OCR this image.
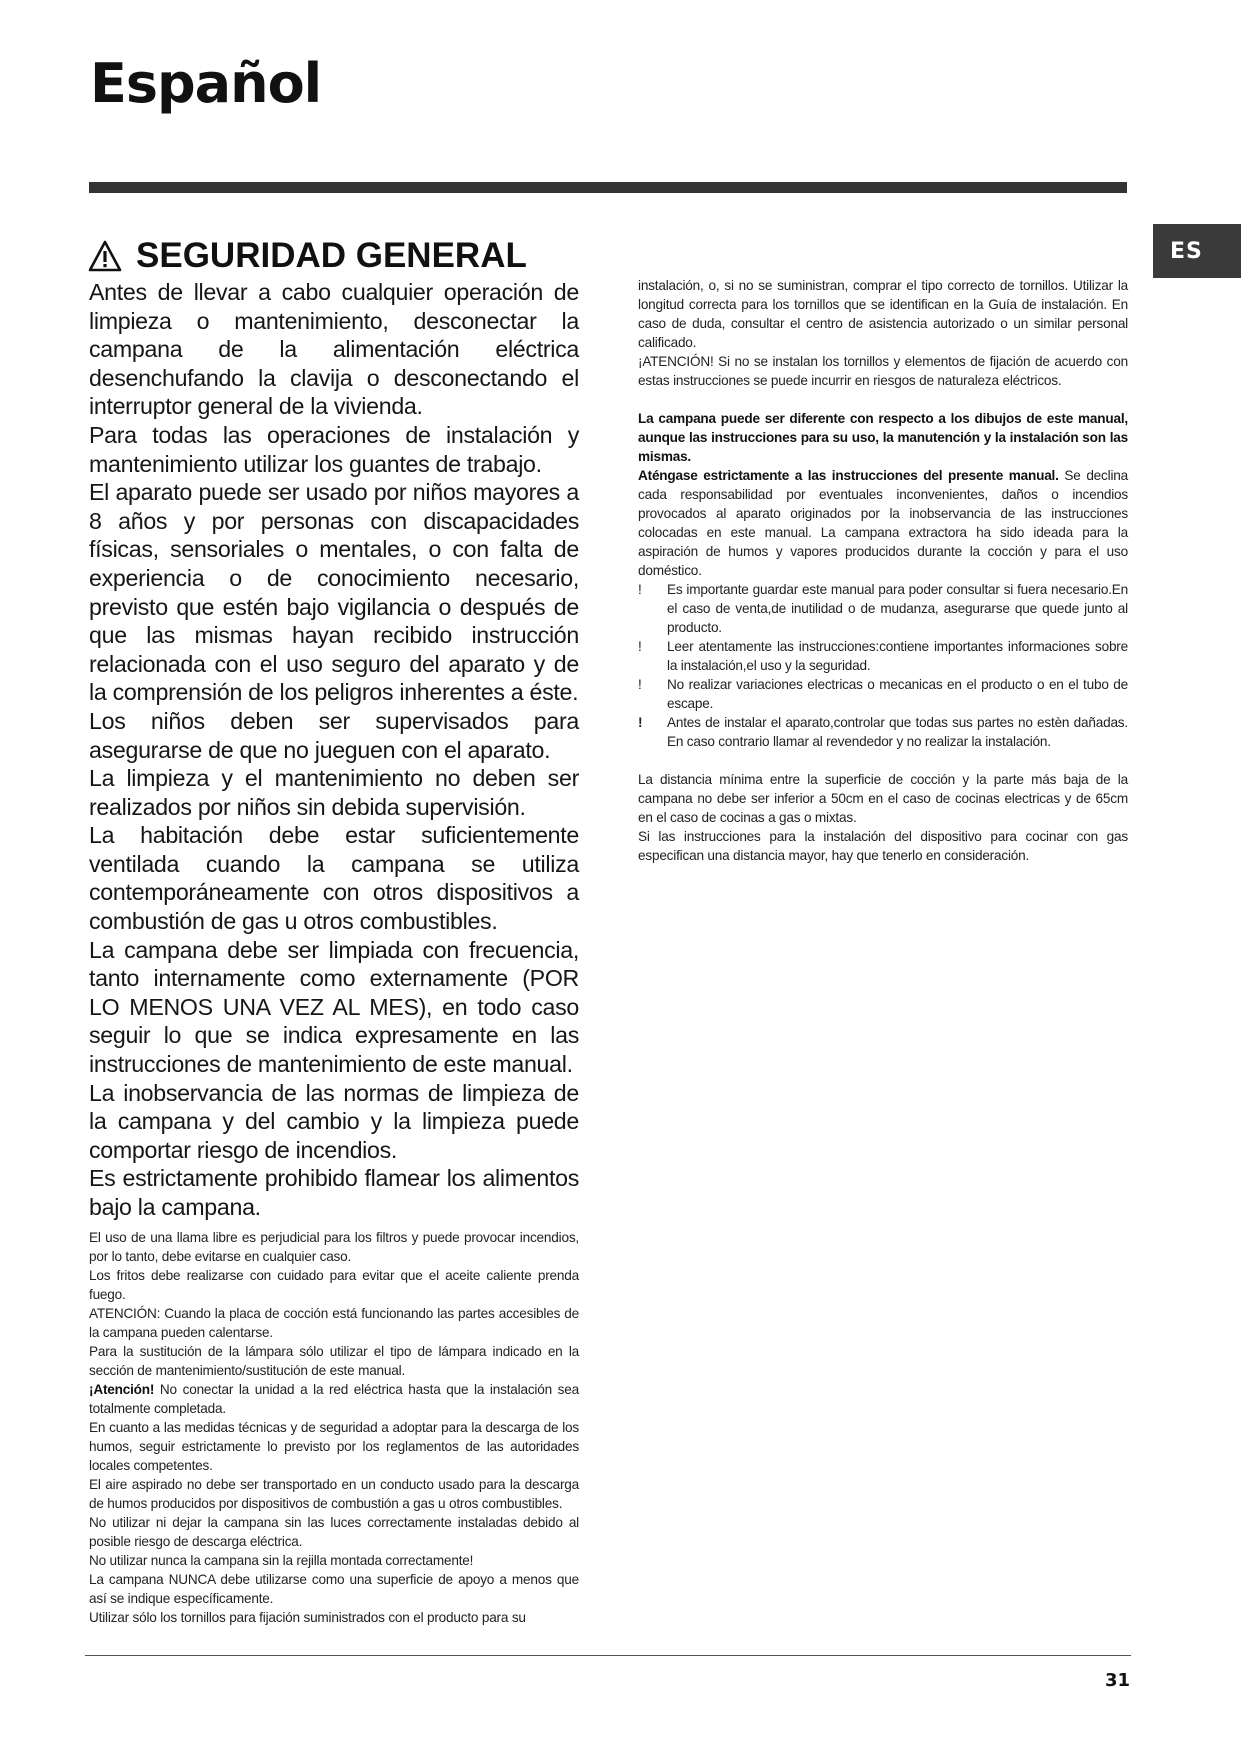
Español
ES
SEGURIDAD GENERAL

Antes de llevar a cabo cualquier operación de limpieza o mantenimiento, desconectar la campana de la alimentación eléctrica desenchufando la clavija o desconectando el interruptor general de la vivienda.

Para todas las operaciones de instalación y mantenimiento utilizar los guantes de trabajo.

El aparato puede ser usado por niños mayores a 8 años y por personas con discapacidades físicas, sensoriales o mentales, o con falta de experiencia o de conocimiento necesario, previsto que estén bajo vigilancia o después de que las mismas hayan recibido instrucción relacionada con el uso seguro del aparato y de la comprensión de los peligros inherentes a éste.

Los niños deben ser supervisados para asegurarse de que no jueguen con el aparato.

La limpieza y el mantenimiento no deben ser realizados por niños sin debida supervisión.

La habitación debe estar suficientemente ventilada cuando la campana se utiliza contemporáneamente con otros dispositivos a combustión de gas u otros combustibles.

La campana debe ser limpiada con frecuencia, tanto internamente como externamente (POR LO MENOS UNA VEZ AL MES), en todo caso seguir lo que se indica expresamente en las instrucciones de mantenimiento de este manual.

La inobservancia de las normas de limpieza de la campana y del cambio y la limpieza puede comportar riesgo de incendios.

Es estrictamente prohibido flamear los alimentos bajo la campana.

El uso de una llama libre es perjudicial para los filtros y puede provocar incendios, por lo tanto, debe evitarse en cualquier caso.

Los fritos debe realizarse con cuidado para evitar que el aceite caliente prenda fuego.

ATENCIÓN: Cuando la placa de cocción está funcionando las partes accesibles de la campana pueden calentarse.

Para la sustitución de la lámpara sólo utilizar el tipo de lámpara indicado en la sección de mantenimiento/sustitución de este manual.

¡Atención! No conectar la unidad a la red eléctrica hasta que la instalación sea totalmente completada.

En cuanto a las medidas técnicas y de seguridad a adoptar para la descarga de los humos, seguir estrictamente lo previsto por los reglamentos de las autoridades locales competentes.

El aire aspirado no debe ser transportado en un conducto usado para la descarga de humos producidos por dispositivos de combustión a gas u otros combustibles.

No utilizar ni dejar la campana sin las luces correctamente instaladas debido al posible riesgo de descarga eléctrica.

No utilizar nunca la campana sin la rejilla montada correctamente!

La campana NUNCA debe utilizarse como una superficie de apoyo a menos que así se indique específicamente.

Utilizar sólo los tornillos para fijación suministrados con el producto para su

instalación, o, si no se suministran, comprar el tipo correcto de tornillos. Utilizar la longitud correcta para los tornillos que se identifican en la Guía de instalación. En caso de duda, consultar el centro de asistencia autorizado o un similar personal calificado.

¡ATENCIÓN! Si no se instalan los tornillos y elementos de fijación de acuerdo con estas instrucciones se puede incurrir en riesgos de naturaleza eléctricos.

La campana puede ser diferente con respecto a los dibujos de este manual, aunque las instrucciones para su uso, la manutención y la instalación son las mismas.

Aténgase estrictamente a las instrucciones del presente manual. Se declina cada responsabilidad por eventuales inconvenientes, daños o incendios provocados al aparato originados por la inobservancia de las instrucciones colocadas en este manual. La campana extractora ha sido ideada para la aspiración de humos y vapores producidos durante la cocción y para el uso doméstico.

!	Es importante guardar este manual para poder consultar si fuera necesario.En el caso de venta,de inutilidad o de mudanza, asegurarse que quede junto al producto.
!	Leer atentamente las instrucciones:contiene importantes informaciones sobre la instalación,el uso y la seguridad.
!	No realizar variaciones electricas o mecanicas en el producto o en el tubo de escape.
!	Antes de instalar el aparato,controlar que todas sus partes no estèn dañadas. En caso contrario llamar al revendedor y no realizar la instalación.

La distancia mínima entre la superficie de cocción y la parte más baja de la campana no debe ser inferior a 50cm en el caso de cocinas electricas y de 65cm en el caso de cocinas a gas o mixtas.

Si las instrucciones para la instalación del dispositivo para cocinar con gas especifican una distancia mayor, hay que tenerlo en consideración.

31
